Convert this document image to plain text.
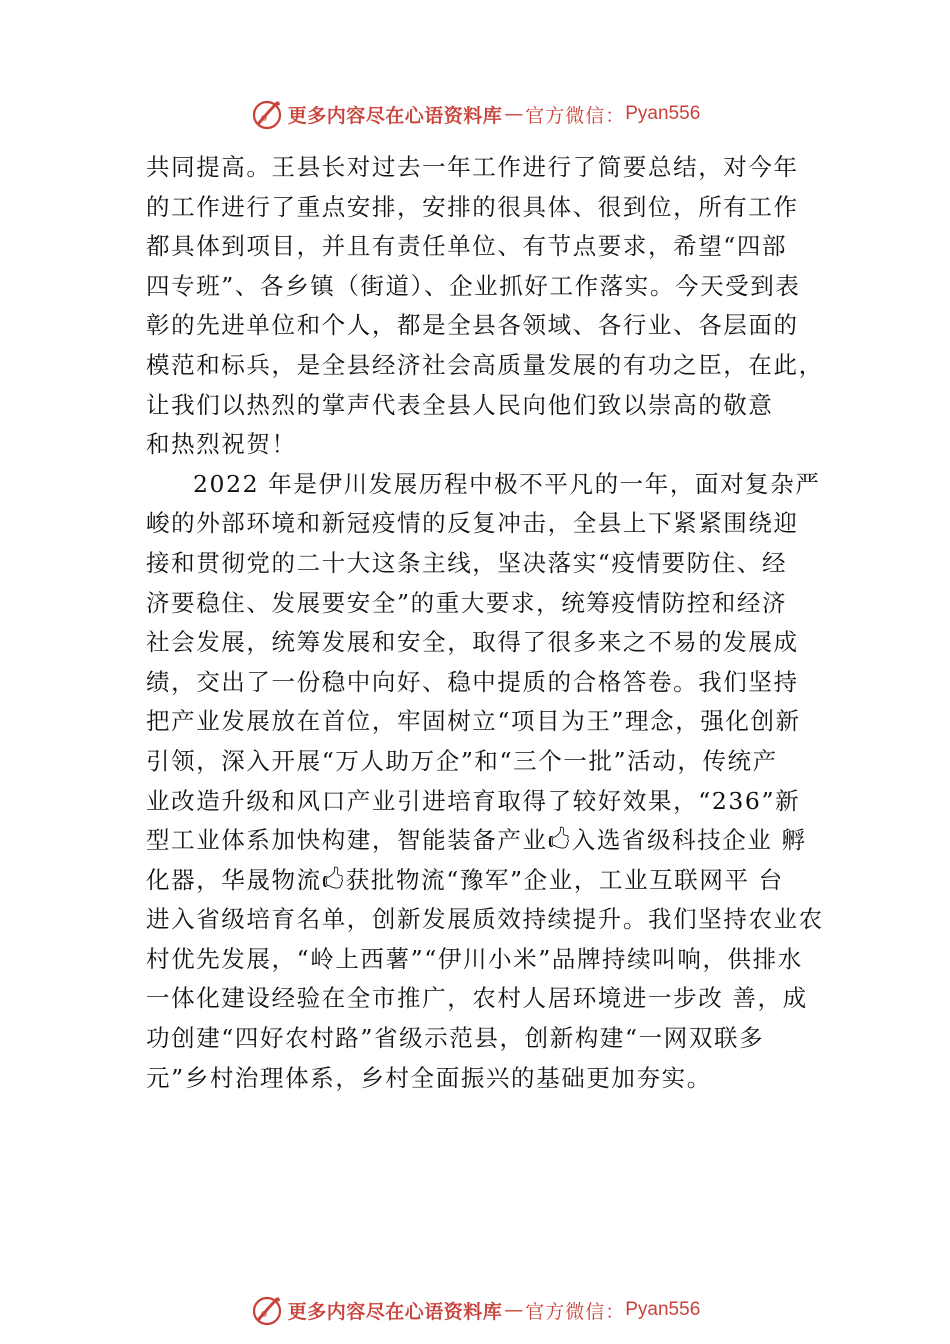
更多内容尽在心语资料库 — 官方微信： Pyan556
共同提高。王县长对过去一年工作进行了简要总结，对今年
的工作进行了重点安排，安排的很具体、很到位，所有工作
都具体到项目，并且有责任单位、有节点要求，希望“四部
四专班”、各乡镇（街道）、企业抓好工作落实。今天受到表
彰的先进单位和个人，都是全县各领域、各行业、各层面的
模范和标兵，是全县经济社会高质量发展的有功之臣，在此，
让我们以热烈的掌声代表全县人民向他们致以崇高的敬意
和热烈祝贺！
2022 年是伊川发展历程中极不平凡的一年，面对复杂严
峻的外部环境和新冠疫情的反复冲击，全县上下紧紧围绕迎
接和贯彻党的二十大这条主线，坚决落实“疫情要防住、经
济要稳住、发展要安全”的重大要求，统筹疫情防控和经济
社会发展，统筹发展和安全，取得了很多来之不易的发展成
绩，交出了一份稳中向好、稳中提质的合格答卷。我们坚持
把产业发展放在首位，牢固树立“项目为王”理念，强化创新
引领，深入开展“万人助万企”和“三个一批”活动，传统产
业改造升级和风口产业引进培育取得了较好效果，“236”新
型工业体系加快构建，智能装备产业🖒入选省级科技企业 孵
化器，华晟物流🖒获批物流“豫军”企业，工业互联网平 台
进入省级培育名单，创新发展质效持续提升。我们坚持农业农
村优先发展，“岭上西薯”“伊川小米”品牌持续叫响，供排水
一体化建设经验在全市推广，农村人居环境进一步改 善，成
功创建“四好农村路”省级示范县，创新构建“一网双联多
元”乡村治理体系，乡村全面振兴的基础更加夯实。
更多内容尽在心语资料库 — 官方微信： Pyan556
